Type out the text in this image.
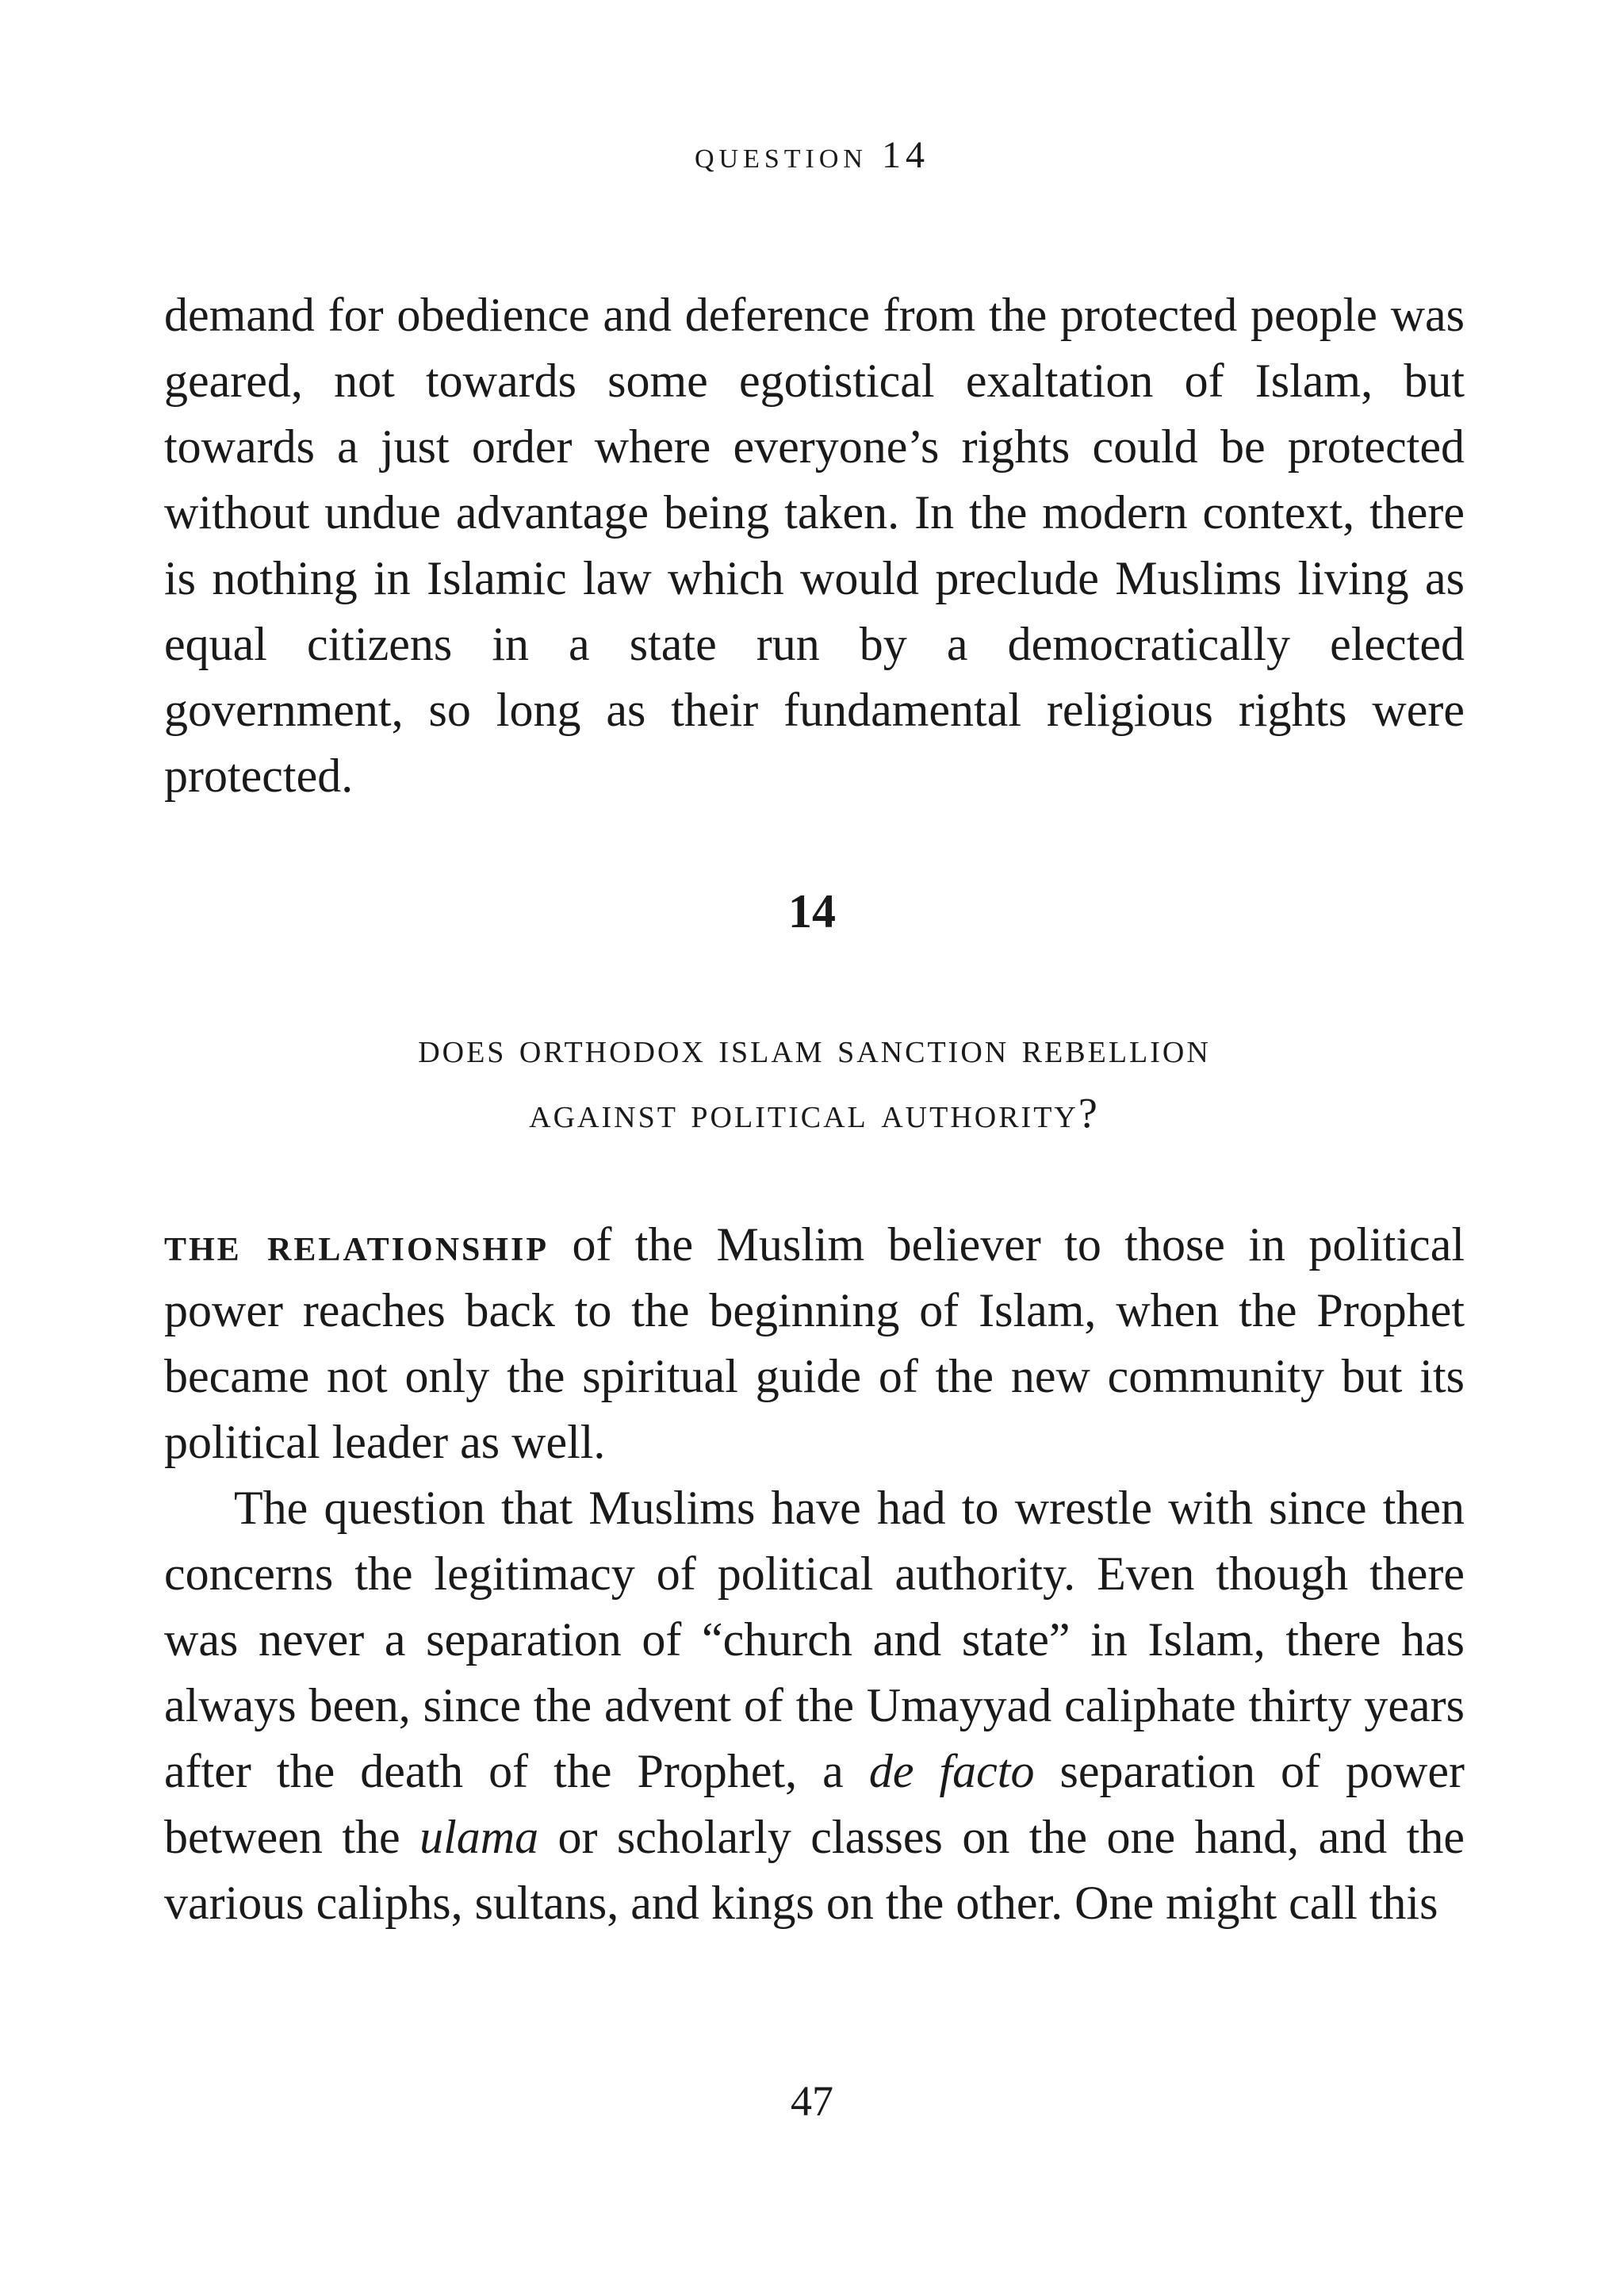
question 14

demand for obedience and deference from the protected people was geared, not towards some egotistical exaltation of Islam, but towards a just order where everyone’s rights could be protected without undue advantage being taken. In the modern context, there is nothing in Islamic law which would preclude Muslims living as equal citizens in a state run by a democratically elected government, so long as their fundamental religious rights were protected.

14
does orthodox islam sanction rebellion
against political authority?

the relationship of the Muslim believer to those in political power reaches back to the beginning of Islam, when the Prophet became not only the spiritual guide of the new community but its political leader as well.

The question that Muslims have had to wrestle with since then concerns the legitimacy of political authority. Even though there was never a separation of “church and state” in Islam, there has always been, since the advent of the Umayyad caliphate thirty years after the death of the Prophet, a de facto separation of power between the ulama or scholarly classes on the one hand, and the various caliphs, sultans, and kings on the other. One might call this

47
